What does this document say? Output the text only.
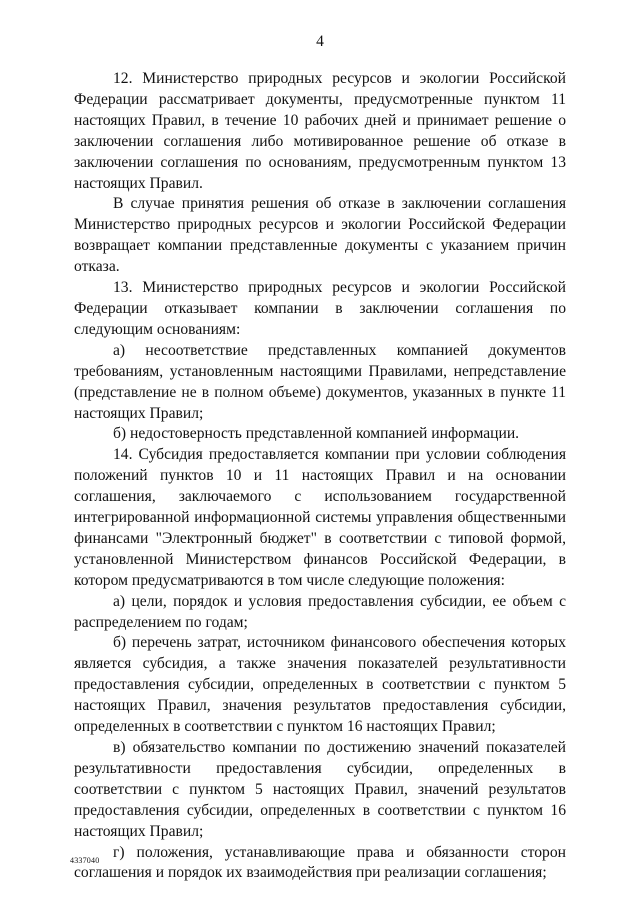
4

12. Министерство природных ресурсов и экологии Российской Федерации рассматривает документы, предусмотренные пунктом 11 настоящих Правил, в течение 10 рабочих дней и принимает решение о заключении соглашения либо мотивированное решение об отказе в заключении соглашения по основаниям, предусмотренным пунктом 13 настоящих Правил.

В случае принятия решения об отказе в заключении соглашения Министерство природных ресурсов и экологии Российской Федерации возвращает компании представленные документы с указанием причин отказа.

13. Министерство природных ресурсов и экологии Российской Федерации отказывает компании в заключении соглашения по следующим основаниям:

а) несоответствие представленных компанией документов требованиям, установленным настоящими Правилами, непредставление (представление не в полном объеме) документов, указанных в пункте 11 настоящих Правил;

б) недостоверность представленной компанией информации.

14. Субсидия предоставляется компании при условии соблюдения положений пунктов 10 и 11 настоящих Правил и на основании соглашения, заключаемого с использованием государственной интегрированной информационной системы управления общественными финансами "Электронный бюджет" в соответствии с типовой формой, установленной Министерством финансов Российской Федерации, в котором предусматриваются в том числе следующие положения:

а) цели, порядок и условия предоставления субсидии, ее объем с распределением по годам;

б) перечень затрат, источником финансового обеспечения которых является субсидия, а также значения показателей результативности предоставления субсидии, определенных в соответствии с пунктом 5 настоящих Правил, значения результатов предоставления субсидии, определенных в соответствии с пунктом 16 настоящих Правил;

в) обязательство компании по достижению значений показателей результативности предоставления субсидии, определенных в соответствии с пунктом 5 настоящих Правил, значений результатов предоставления субсидии, определенных в соответствии с пунктом 16 настоящих Правил;

г) положения, устанавливающие права и обязанности сторон соглашения и порядок их взаимодействия при реализации соглашения;

4337040
